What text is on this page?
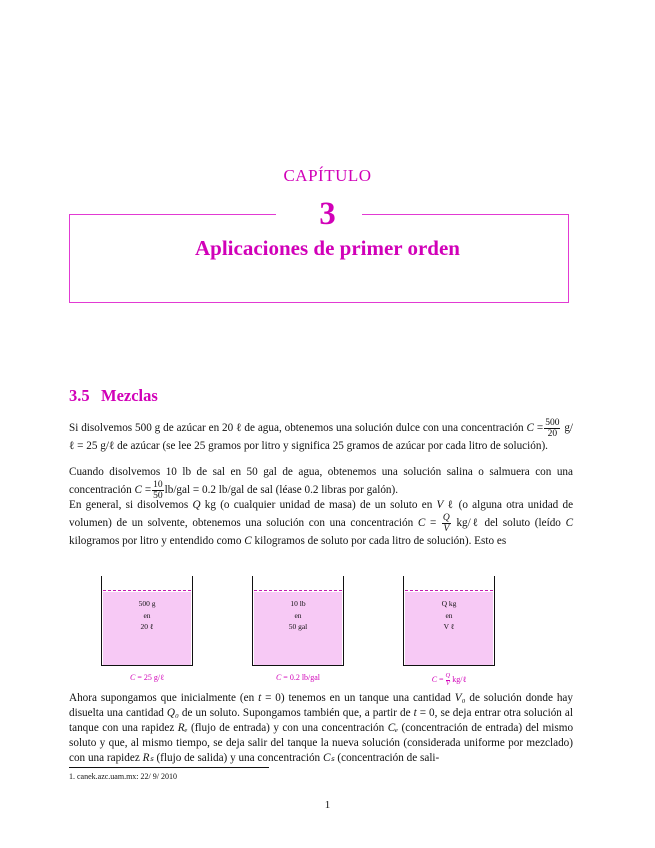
CAPÍTULO
3
Aplicaciones de primer orden
3.5 Mezclas

Si disolvemos 500 g de azúcar en 20 ℓ de agua, obtenemos una solución dulce con una concentración $C = \frac{500}{20}$ g/ℓ = 25 g/ℓ de azúcar (se lee 25 gramos por litro y significa 25 gramos de azúcar por cada litro de solución).

Cuando disolvemos 10 lb de sal en 50 gal de agua, obtenemos una solución salina o salmuera con una concentración $C = \frac{10}{50} lb/gal = 0.2$ lb/gal de sal (léase 0.2 libras por galón).

En general, si disolvemos Q kg (o cualquier unidad de masa) de un soluto en V ℓ (o alguna otra unidad de volumen) de un solvente, obtenemos una solución con una concentración $C = \frac{Q}{V}$ kg/ℓ del soluto (leído C kilogramos por litro y entendido como C kilogramos de soluto por cada litro de solución). Esto es

500 g
en
20 ℓ
C = 25 g/ℓ
10 lb
en
50 gal
C = 0.2 lb/gal
Q kg
en
V ℓ
$C = \frac{Q}{V}$ kg/ℓ

Ahora supongamos que inicialmente (en t = 0) tenemos en un tanque una cantidad V₀ de solución donde hay disuelta una cantidad Q₀ de un soluto. Supongamos también que, a partir de t = 0, se deja entrar otra solución al tanque con una rapidez Rₑ (flujo de entrada) y con una concentración Cₑ (concentración de entrada) del mismo soluto y que, al mismo tiempo, se deja salir del tanque la nueva solución (considerada uniforme por mezclado) con una rapidez Rₛ (flujo de salida) y una concentración Cₛ (concentración de sali-

1. canek.azc.uam.mx: 22/ 9/ 2010
1
